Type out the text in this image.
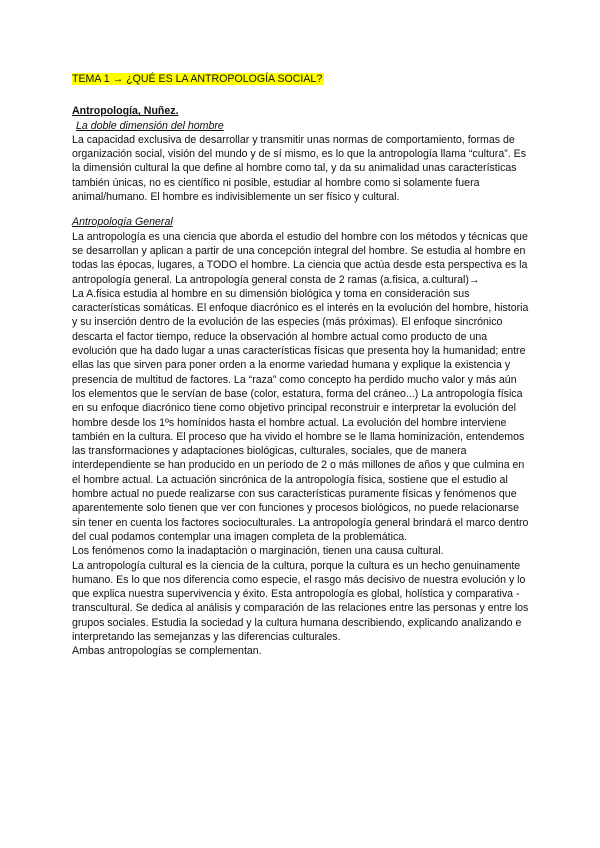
TEMA 1 → ¿QUÉ ES LA ANTROPOLOGÍA SOCIAL?

Antropología, Nuñez.

La doble dimensión del hombre

La capacidad exclusiva de desarrollar y transmitir unas normas de comportamiento, formas de organización social, visión del mundo y de sí mismo, es lo que la antropología llama “cultura”. Es la dimensión cultural la que define al hombre como tal, y da su animalidad unas características también únicas, no es científico ni posible, estudiar al hombre como si solamente fuera animal/humano. El hombre es indivisiblemente un ser físico y cultural.

Antropología General

La antropología es una ciencia que aborda el estudio del hombre con los métodos y técnicas que se desarrollan y aplican a partir de una concepción integral del hombre. Se estudia al hombre en todas las épocas, lugares, a TODO el hombre. La ciencia que actúa desde esta perspectiva es la antropología general. La antropología general consta de 2 ramas (a.fisica, a.cultural)→

La A.fisica estudia al hombre en su dimensión biológica y toma en consideración sus características somáticas. El enfoque diacrónico es el interés en la evolución del hombre, historia y su inserción dentro de la evolución de las especies (más próximas). El enfoque sincrónico descarta el factor tiempo, reduce la observación al hombre actual como producto de una evolución que ha dado lugar a unas características físicas que presenta hoy la humanidad; entre ellas las que sirven para poner orden a la enorme variedad humana y explique la existencia y presencia de multitud de factores. La “raza” como concepto ha perdido mucho valor y más aún los elementos que le servían de base (color, estatura, forma del cráneo...) La antropología física en su enfoque diacrónico tiene como objetivo principal reconstruir e interpretar la evolución del hombre desde los 1ºs homínidos hasta el hombre actual. La evolución del hombre interviene también en la cultura. El proceso que ha vivido el hombre se le llama hominización, entendemos las transformaciones y adaptaciones biológicas, culturales, sociales, que de manera interdependiente se han producido en un período de 2 o más millones de años y que culmina en el hombre actual. La actuación sincrónica de la antropología física, sostiene que el estudio al hombre actual no puede realizarse con sus características puramente físicas y fenómenos que aparentemente solo tienen que ver con funciones y procesos biológicos, no puede relacionarse sin tener en cuenta los factores socioculturales. La antropología general brindará el marco dentro del cual podamos contemplar una imagen completa de la problemática.

Los fenómenos como la inadaptación o marginación, tienen una causa cultural.

La antropología cultural es la ciencia de la cultura, porque la cultura es un hecho genuinamente humano. Es lo que nos diferencia como especie, el rasgo más decisivo de nuestra evolución y lo que explica nuestra supervivencia y éxito. Esta antropología es global, holística y comparativa - transcultural. Se dedica al análisis y comparación de las relaciones entre las personas y entre los grupos sociales. Estudia la sociedad y la cultura humana describiendo, explicando analizando e interpretando las semejanzas y las diferencias culturales.

Ambas antropologías se complementan.
